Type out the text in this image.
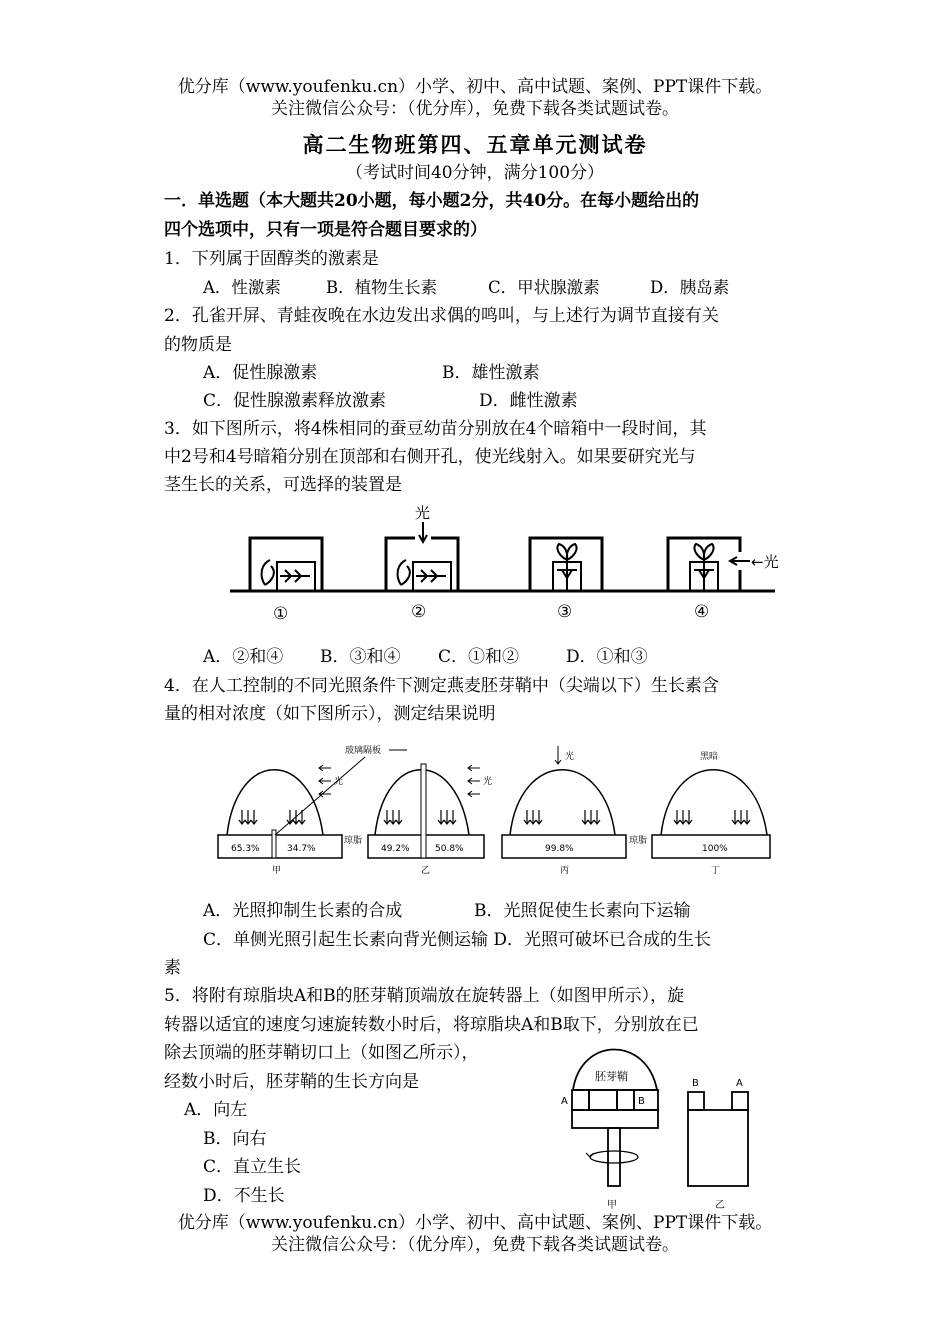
优分库（www.youfenku.cn）小学、初中、高中试题、案例、PPT课件下载。
关注微信公众号：（优分库），免费下载各类试题试卷。
高二生物班第四、五章单元测试卷
（考试时间40分钟，满分100分）
一．单选题（本大题共20小题，每小题2分，共40分。在每小题给出的
四个选项中，只有一项是符合题目要求的）
1．下列属于固醇类的激素是
A．性激素	B．植物生长素	C．甲状腺激素	D．胰岛素
2．孔雀开屏、青蛙夜晚在水边发出求偶的鸣叫，与上述行为调节直接有关
的物质是
A．促性腺激素	B．雄性激素
C．促性腺激素释放激素	D．雌性激素
3．如下图所示，将4株相同的蚕豆幼苗分别放在4个暗箱中一段时间，其
中2号和4号暗箱分别在顶部和右侧开孔，使光线射入。如果要研究光与
茎生长的关系，可选择的装置是
光
←光
①	②	③	④
A．②和④ B．③和④ C．①和②	D．①和③
4．在人工控制的不同光照条件下测定燕麦胚芽鞘中（尖端以下）生长素含
量的相对浓度（如下图所示），测定结果说明
光
65.3%	34.7%
甲
玻璃隔板
琼脂
光
49.2%	50.8%
乙
光
99.8%
丙
琼脂
黑暗
100%
丁
A．光照抑制生长素的合成	B．光照促使生长素向下运输
C．单侧光照引起生长素向背光侧运输 D．光照可破坏已合成的生长
素
5．将附有琼脂块A和B的胚芽鞘顶端放在旋转器上（如图甲所示），旋
转器以适宜的速度匀速旋转数小时后，将琼脂块A和B取下，分别放在已
除去顶端的胚芽鞘切口上（如图乙所示），
经数小时后，胚芽鞘的生长方向是
A．向左
B．向右
C．直立生长
D．不生长
胚芽鞘
A	B
甲
B	A
乙
优分库（www.youfenku.cn）小学、初中、高中试题、案例、PPT课件下载。
关注微信公众号：（优分库），免费下载各类试题试卷。
